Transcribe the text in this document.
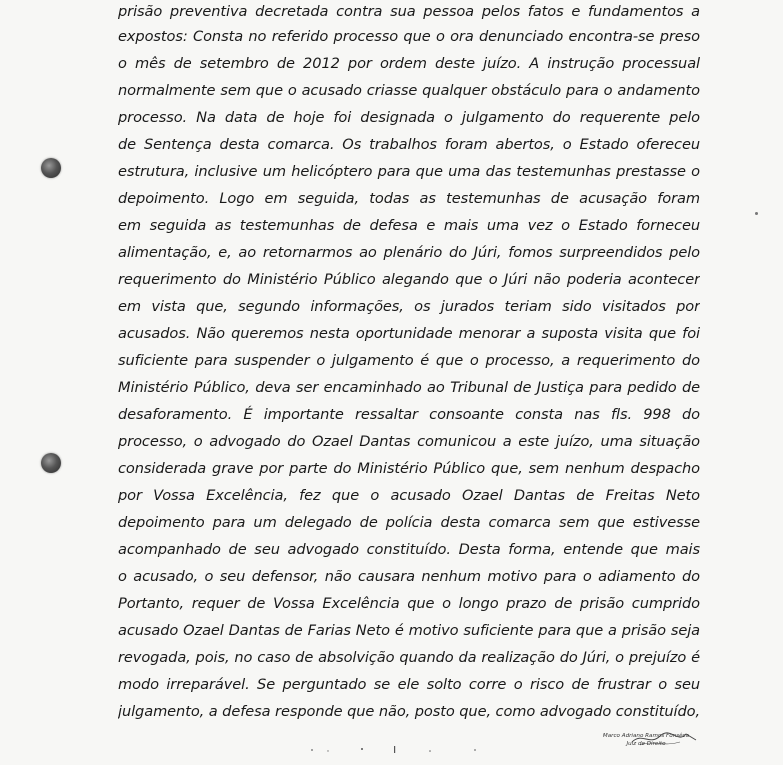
prisão preventiva decretada contra sua pessoa pelos fatos e fundamentos a
expostos: Consta no referido processo que o ora denunciado encontra-se preso
o mês de setembro de 2012 por ordem deste juízo. A instrução processual
normalmente sem que o acusado criasse qualquer obstáculo para o andamento
processo. Na data de hoje foi designada o julgamento do requerente pelo
de Sentença desta comarca. Os trabalhos foram abertos, o Estado ofereceu
estrutura, inclusive um helicóptero para que uma das testemunhas prestasse o
depoimento. Logo em seguida, todas as testemunhas de acusação foram
em seguida as testemunhas de defesa e mais uma vez o Estado forneceu
alimentação, e, ao retornarmos ao plenário do Júri, fomos surpreendidos pelo
requerimento do Ministério Público alegando que o Júri não poderia acontecer
em vista que, segundo informações, os jurados teriam sido visitados por
acusados. Não queremos nesta oportunidade menorar a suposta visita que foi
suficiente para suspender o julgamento é que o processo, a requerimento do
Ministério Público, deva ser encaminhado ao Tribunal de Justiça para pedido de
desaforamento. É importante ressaltar consoante consta nas fls. 998 do
processo, o advogado do Ozael Dantas comunicou a este juízo, uma situação
considerada grave por parte do Ministério Público que, sem nenhum despacho
por Vossa Excelência, fez que o acusado Ozael Dantas de Freitas Neto
depoimento para um delegado de polícia desta comarca sem que estivesse
acompanhado de seu advogado constituído. Desta forma, entende que mais
o acusado, o seu defensor, não causara nenhum motivo para o adiamento do
Portanto, requer de Vossa Excelência que o longo prazo de prisão cumprido
acusado Ozael Dantas de Farias Neto é motivo suficiente para que a prisão seja
revogada, pois, no caso de absolvição quando da realização do Júri, o prejuízo é
modo irreparável. Se perguntado se ele solto corre o risco de frustrar o seu
julgamento, a defesa responde que não, posto que, como advogado constituído,
Marco Adriano Ramos Fonsêca
Juiz de Direito
